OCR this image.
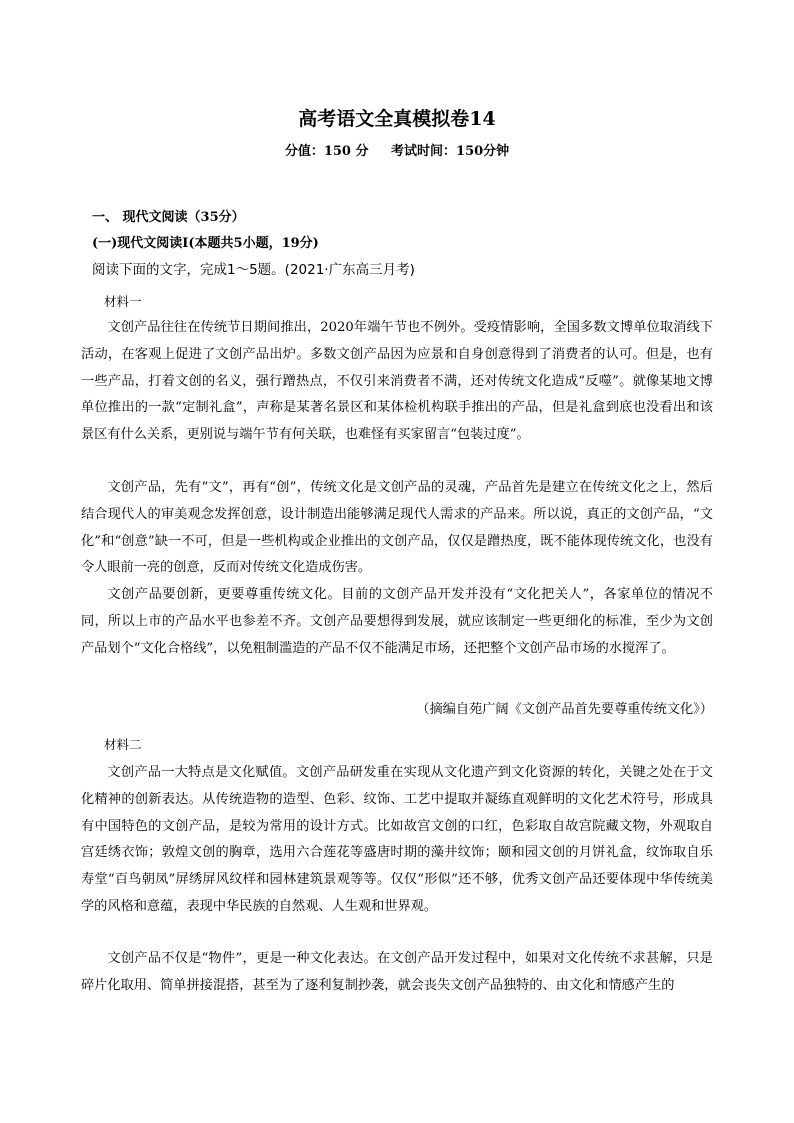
高考语文全真模拟卷14
分值：150 分 考试时间：150分钟
一、 现代文阅读（35分）
(一)现代文阅读Ⅰ(本题共5小题，19分)
阅读下面的文字，完成1～5题。(2021·广东高三月考)
材料一

文创产品往往在传统节日期间推出，2020年端午节也不例外。受疫情影响，全国多数文博单位取消线下活动，在客观上促进了文创产品出炉。多数文创产品因为应景和自身创意得到了消费者的认可。但是，也有一些产品，打着文创的名义，强行蹭热点，不仅引来消费者不满，还对传统文化造成“反噬”。就像某地文博单位推出的一款“定制礼盒”，声称是某著名景区和某体检机构联手推出的产品，但是礼盒到底也没看出和该景区有什么关系，更别说与端午节有何关联，也难怪有买家留言“包装过度”。

文创产品，先有“文”，再有“创”，传统文化是文创产品的灵魂，产品首先是建立在传统文化之上，然后结合现代人的审美观念发挥创意，设计制造出能够满足现代人需求的产品来。所以说，真正的文创产品，“文化”和“创意”缺一不可，但是一些机构或企业推出的文创产品，仅仅是蹭热度，既不能体现传统文化，也没有令人眼前一亮的创意，反而对传统文化造成伤害。

文创产品要创新，更要尊重传统文化。目前的文创产品开发并没有“文化把关人”，各家单位的情况不同，所以上市的产品水平也参差不齐。文创产品要想得到发展，就应该制定一些更细化的标准，至少为文创产品划个“文化合格线”，以免粗制滥造的产品不仅不能满足市场，还把整个文创产品市场的水搅浑了。

（摘编自苑广阔《文创产品首先要尊重传统文化》）
材料二

文创产品一大特点是文化赋值。文创产品研发重在实现从文化遗产到文化资源的转化，关键之处在于文化精神的创新表达。从传统造物的造型、色彩、纹饰、工艺中提取并凝练直观鲜明的文化艺术符号，形成具有中国特色的文创产品，是较为常用的设计方式。比如故宫文创的口红，色彩取自故宫院藏文物，外观取自宫廷绣衣饰；敦煌文创的胸章，选用六合莲花等盛唐时期的藻井纹饰；颐和园文创的月饼礼盒，纹饰取自乐寿堂“百鸟朝凤”屏绣屏风纹样和园林建筑景观等等。仅仅“形似”还不够，优秀文创产品还要体现中华传统美学的风格和意蕴，表现中华民族的自然观、人生观和世界观。

文创产品不仅是“物件”，更是一种文化表达。在文创产品开发过程中，如果对文化传统不求甚解，只是碎片化取用、简单拼接混搭，甚至为了逐利复制抄袭，就会丧失文创产品独特的、由文化和情感产生的
